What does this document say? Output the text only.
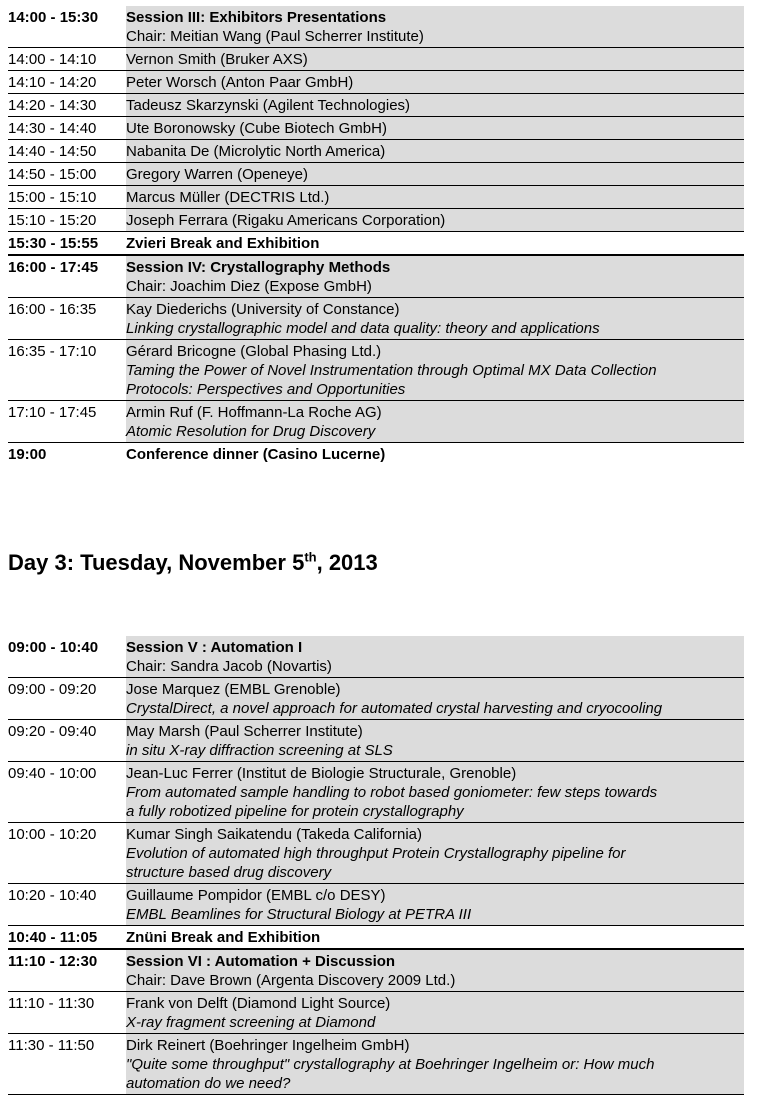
14:00 - 15:30	Session III: Exhibitors Presentations
Chair: Meitian Wang (Paul Scherrer Institute)
14:00 - 14:10	Vernon Smith (Bruker AXS)
14:10 - 14:20	Peter Worsch (Anton Paar GmbH)
14:20 - 14:30	Tadeusz Skarzynski (Agilent Technologies)
14:30 - 14:40	Ute Boronowsky (Cube Biotech GmbH)
14:40 - 14:50	Nabanita De (Microlytic North America)
14:50 - 15:00	Gregory Warren (Openeye)
15:00 - 15:10	Marcus Müller (DECTRIS Ltd.)
15:10 - 15:20	Joseph Ferrara (Rigaku Americans Corporation)
15:30 - 15:55	Zvieri Break and Exhibition
16:00 - 17:45	Session IV: Crystallography Methods
Chair: Joachim Diez (Expose GmbH)
16:00 - 16:35	Kay Diederichs (University of Constance)
Linking crystallographic model and data quality: theory and applications
16:35 - 17:10	Gérard Bricogne (Global Phasing Ltd.)
Taming the Power of Novel Instrumentation through Optimal MX Data Collection
Protocols: Perspectives and Opportunities
17:10 - 17:45	Armin Ruf (F. Hoffmann-La Roche AG)
Atomic Resolution for Drug Discovery
19:00	Conference dinner (Casino Lucerne)
Day 3: Tuesday, November 5th, 2013
09:00 - 10:40	Session V : Automation I
Chair: Sandra Jacob (Novartis)
09:00 - 09:20	Jose Marquez (EMBL Grenoble)
CrystalDirect, a novel approach for automated crystal harvesting and cryocooling
09:20 - 09:40	May Marsh (Paul Scherrer Institute)
in situ X-ray diffraction screening at SLS
09:40 - 10:00	Jean-Luc Ferrer (Institut de Biologie Structurale, Grenoble)
From automated sample handling to robot based goniometer: few steps towards
a fully robotized pipeline for protein crystallography
10:00 - 10:20	Kumar Singh Saikatendu (Takeda California)
Evolution of automated high throughput Protein Crystallography pipeline for
structure based drug discovery
10:20 - 10:40	Guillaume Pompidor (EMBL c/o DESY)
EMBL Beamlines for Structural Biology at PETRA III
10:40 - 11:05	Znüni Break and Exhibition
11:10 - 12:30	Session VI : Automation + Discussion
Chair: Dave Brown (Argenta Discovery 2009 Ltd.)
11:10 - 11:30	Frank von Delft (Diamond Light Source)
X-ray fragment screening at Diamond
11:30 - 11:50	Dirk Reinert (Boehringer Ingelheim GmbH)
"Quite some throughput" crystallography at Boehringer Ingelheim or: How much
automation do we need?
